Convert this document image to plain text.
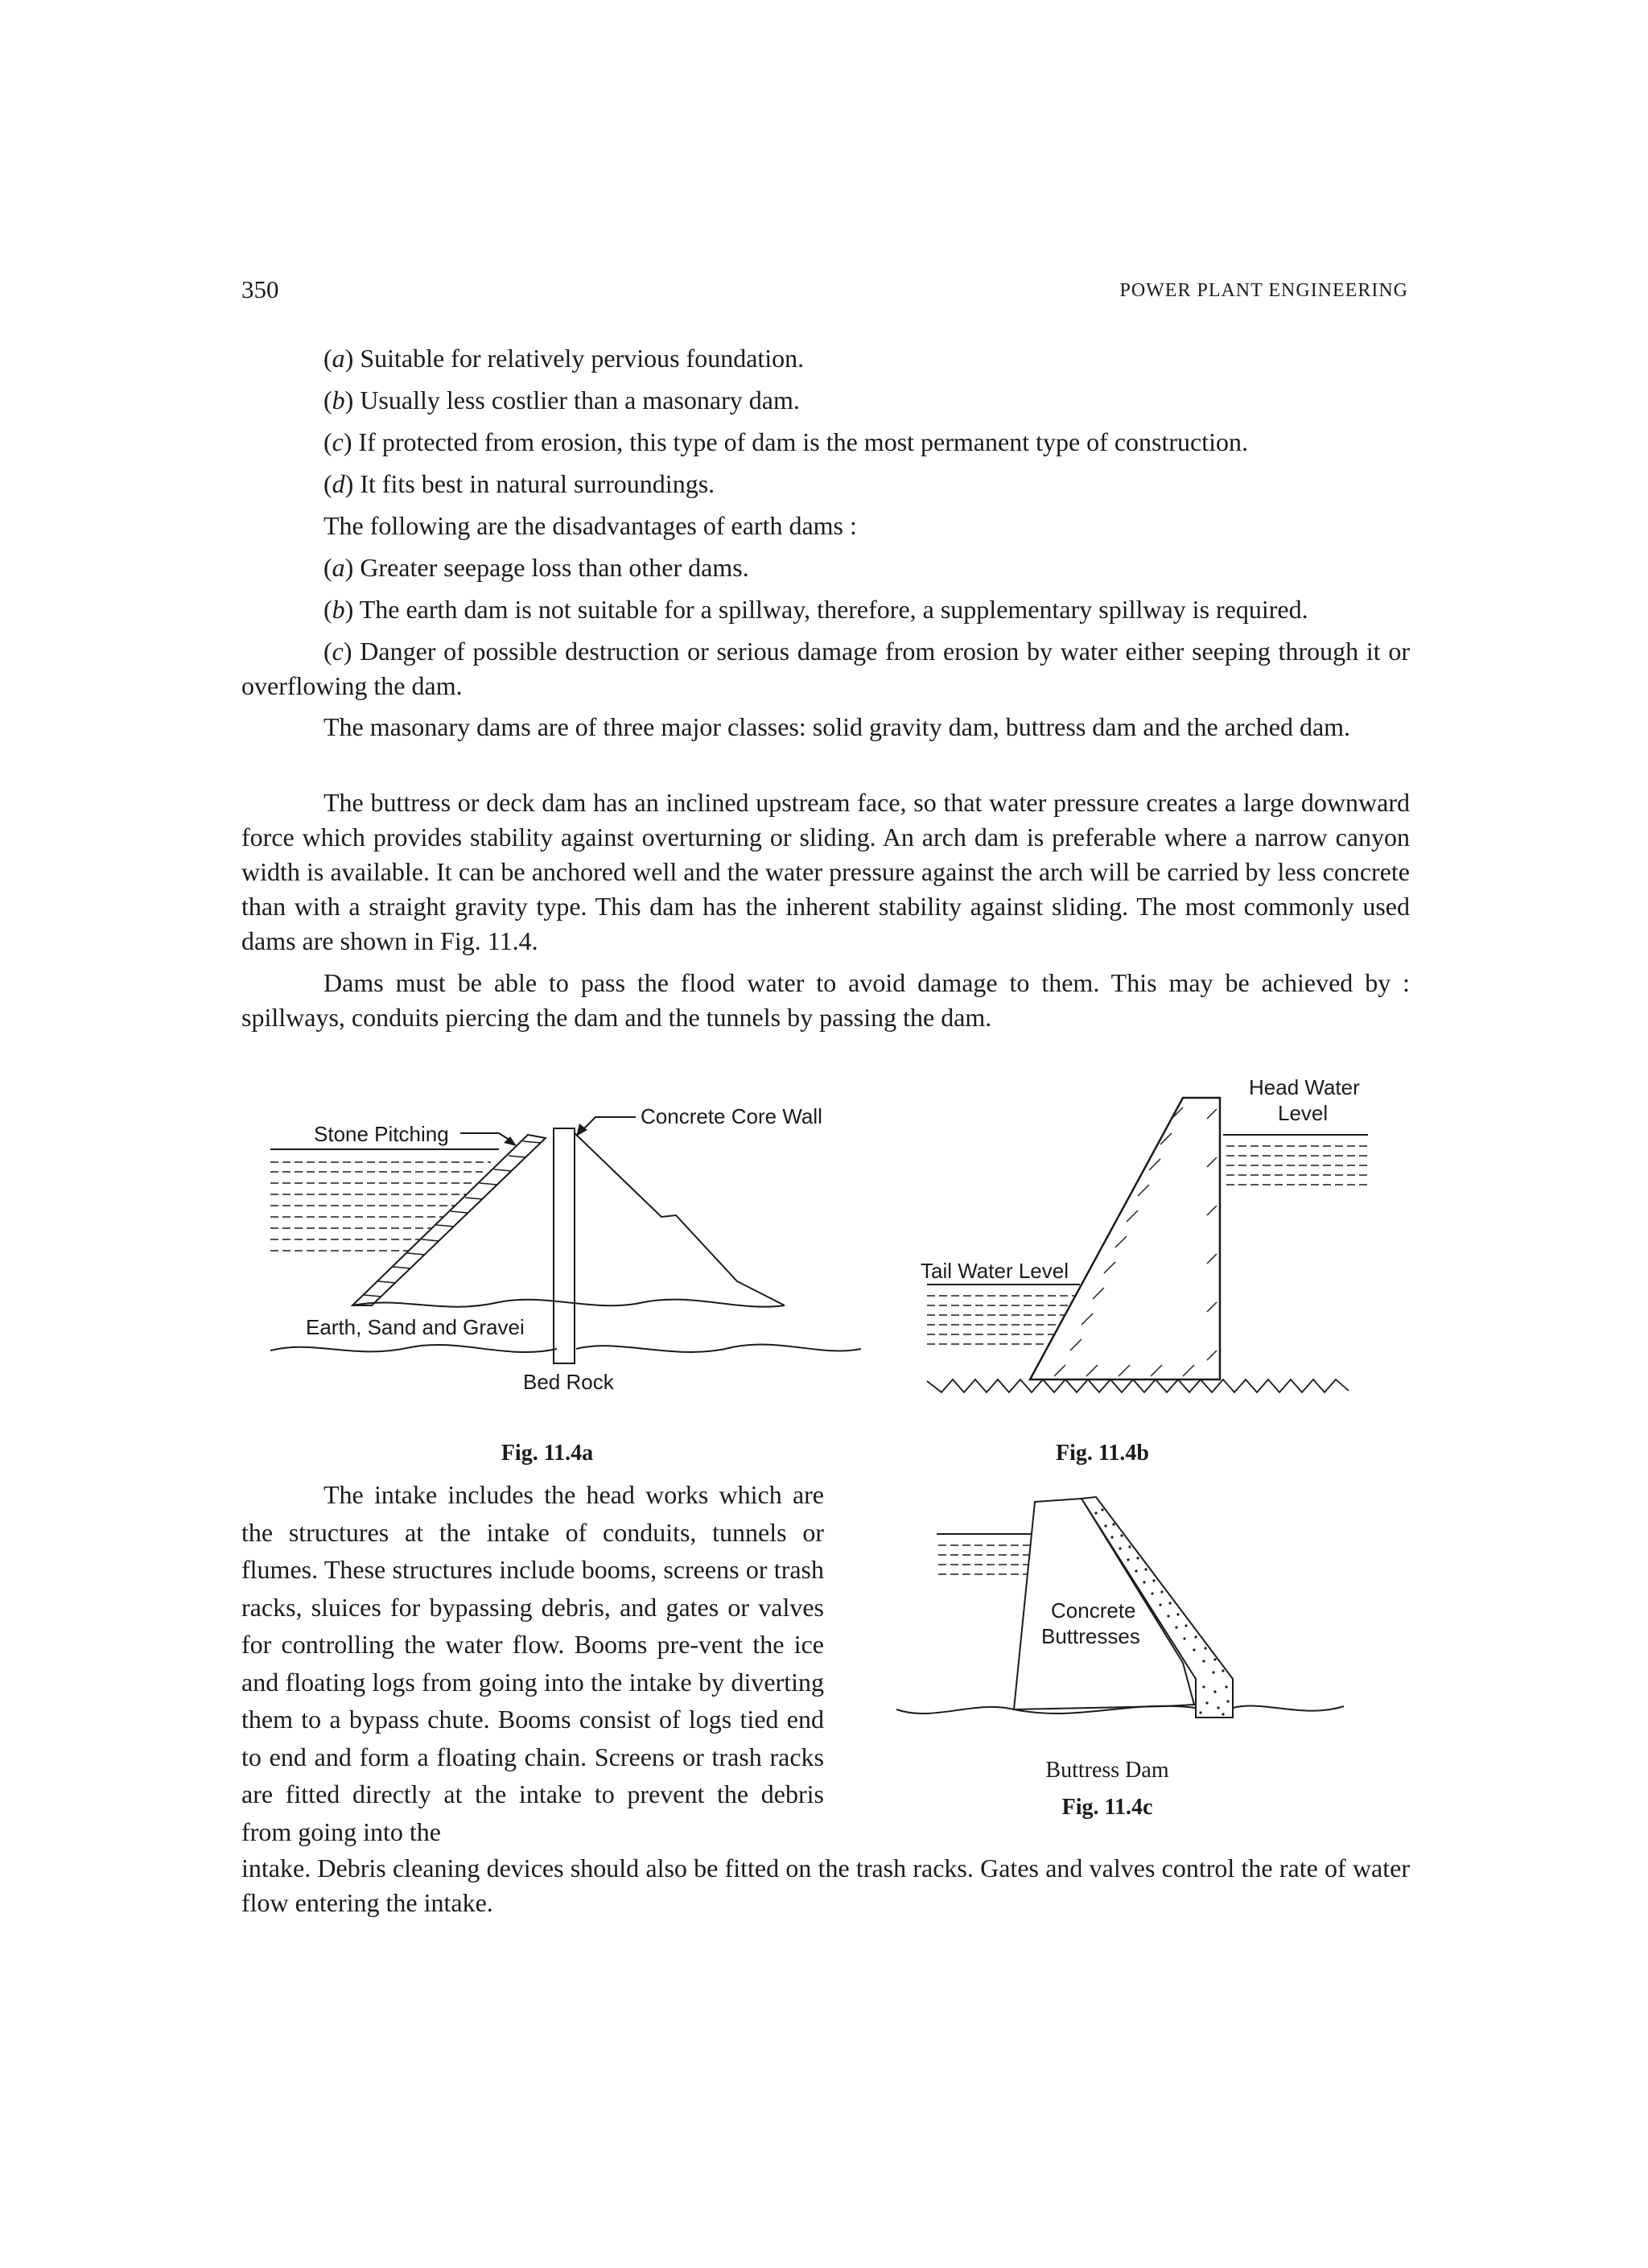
350	POWER PLANT ENGINEERING
(a) Suitable for relatively pervious foundation.
(b) Usually less costlier than a masonary dam.
(c) If protected from erosion, this type of dam is the most permanent type of construction.
(d) It fits best in natural surroundings.
The following are the disadvantages of earth dams :
(a) Greater seepage loss than other dams.
(b) The earth dam is not suitable for a spillway, therefore, a supplementary spillway is required.
(c) Danger of possible destruction or serious damage from erosion by water either seeping through it or overflowing the dam.
The masonary dams are of three major classes: solid gravity dam, buttress dam and the arched dam.
The buttress or deck dam has an inclined upstream face, so that water pressure creates a large downward force which provides stability against overturning or sliding. An arch dam is preferable where a narrow canyon width is available. It can be anchored well and the water pressure against the arch will be carried by less concrete than with a straight gravity type. This dam has the inherent stability against sliding. The most commonly used dams are shown in Fig. 11.4.
Dams must be able to pass the flood water to avoid damage to them. This may be achieved by : spillways, conduits piercing the dam and the tunnels by passing the dam.
Stone Pitching
Concrete Core Wall
Earth, Sand and Gravei
Bed Rock
Head Water
Level
Tail Water Level
Fig. 11.4a	Fig. 11.4b
The intake includes the head works which are the structures at the intake of conduits, tunnels or flumes. These structures include booms, screens or trash racks, sluices for bypassing debris, and gates or valves for controlling the water flow. Booms pre-vent the ice and floating logs from going into the intake by diverting them to a bypass chute. Booms consist of logs tied end to end and form a floating chain. Screens or trash racks are fitted directly at the intake to prevent the debris from going into the
Concrete
Buttresses
Buttress Dam
Fig. 11.4c
intake. Debris cleaning devices should also be fitted on the trash racks. Gates and valves control the rate of water flow entering the intake.
